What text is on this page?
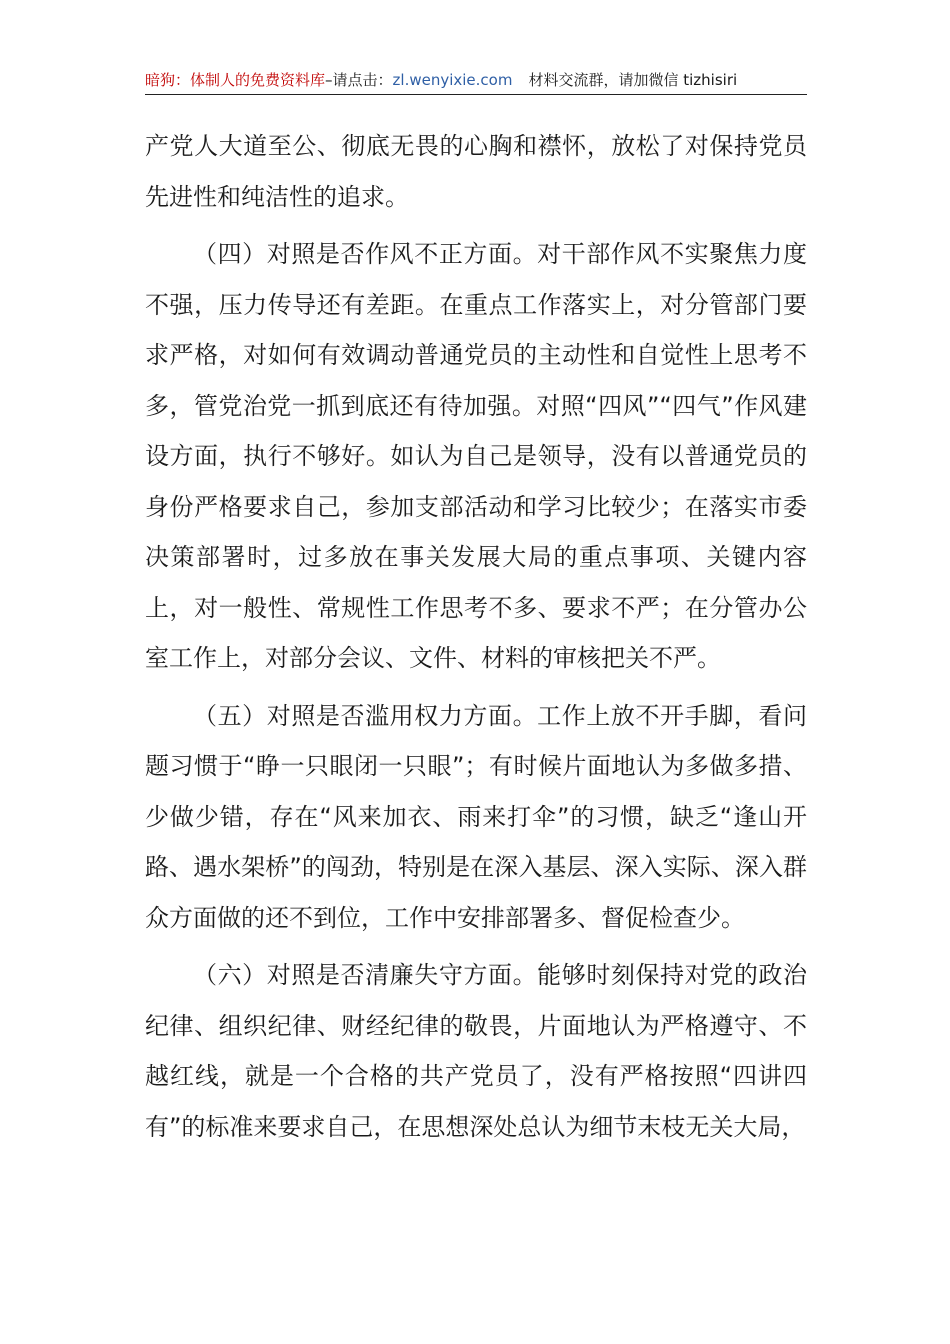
暗狗：体制人的免费资料库–请点击：zl.wenyixie.com 材料交流群，请加微信 tizhisiri

产党人大道至公、彻底无畏的心胸和襟怀，放松了对保持党员先进性和纯洁性的追求。

（四）对照是否作风不正方面。对干部作风不实聚焦力度不强，压力传导还有差距。在重点工作落实上，对分管部门要求严格，对如何有效调动普通党员的主动性和自觉性上思考不多，管党治党一抓到底还有待加强。对照“四风”“四气”作风建设方面，执行不够好。如认为自己是领导，没有以普通党员的身份严格要求自己，参加支部活动和学习比较少；在落实市委决策部署时，过多放在事关发展大局的重点事项、关键内容上，对一般性、常规性工作思考不多、要求不严；在分管办公室工作上，对部分会议、文件、材料的审核把关不严。

（五）对照是否滥用权力方面。工作上放不开手脚，看问题习惯于“睁一只眼闭一只眼”；有时候片面地认为多做多措、少做少错，存在“风来加衣、雨来打伞”的习惯，缺乏“逢山开路、遇水架桥”的闯劲，特别是在深入基层、深入实际、深入群众方面做的还不到位，工作中安排部署多、督促检查少。

（六）对照是否清廉失守方面。能够时刻保持对党的政治纪律、组织纪律、财经纪律的敬畏，片面地认为严格遵守、不越红线，就是一个合格的共产党员了，没有严格按照“四讲四有”的标准来要求自己，在思想深处总认为细节末枝无关大局，
